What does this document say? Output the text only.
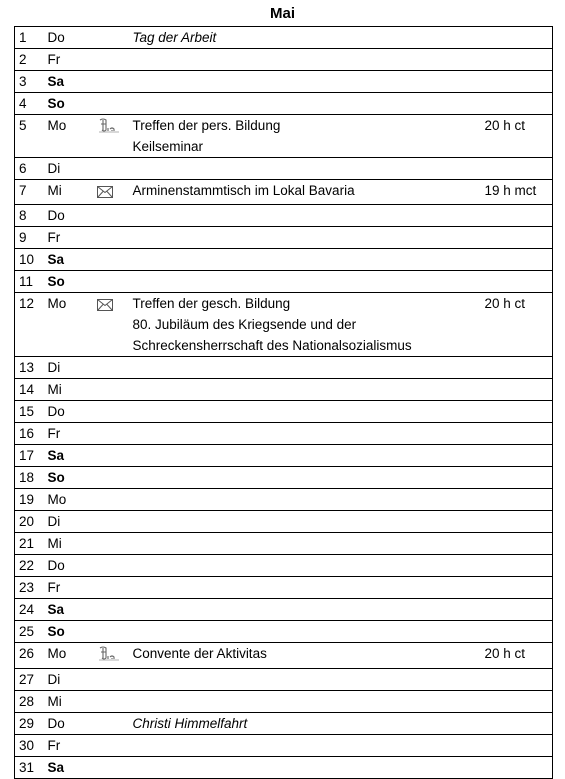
Mai
1	Do		Tag der Arbeit	

2	Fr			
3	Sa			
4	So			
5	Mo		Treffen der pers. Bildung
Keilseminar	20 h ct
6	Di			
7	Mi		Arminenstammtisch im Lokal Bavaria	19 h mct
8	Do			
9	Fr			
10	Sa			
11	So			
12	Mo		Treffen der gesch. Bildung
80. Jubiläum des Kriegsende und der
Schreckensherrschaft des Nationalsozialismus	20 h ct
13	Di			
14	Mi			
15	Do			
16	Fr			
17	Sa			
18	So			
19	Mo			
20	Di			
21	Mi			
22	Do			
23	Fr			
24	Sa			
25	So			
26	Mo		Convente der Aktivitas	20 h ct
27	Di			
28	Mi			
29	Do		Christi Himmelfahrt	

30	Fr			
31	Sa			
